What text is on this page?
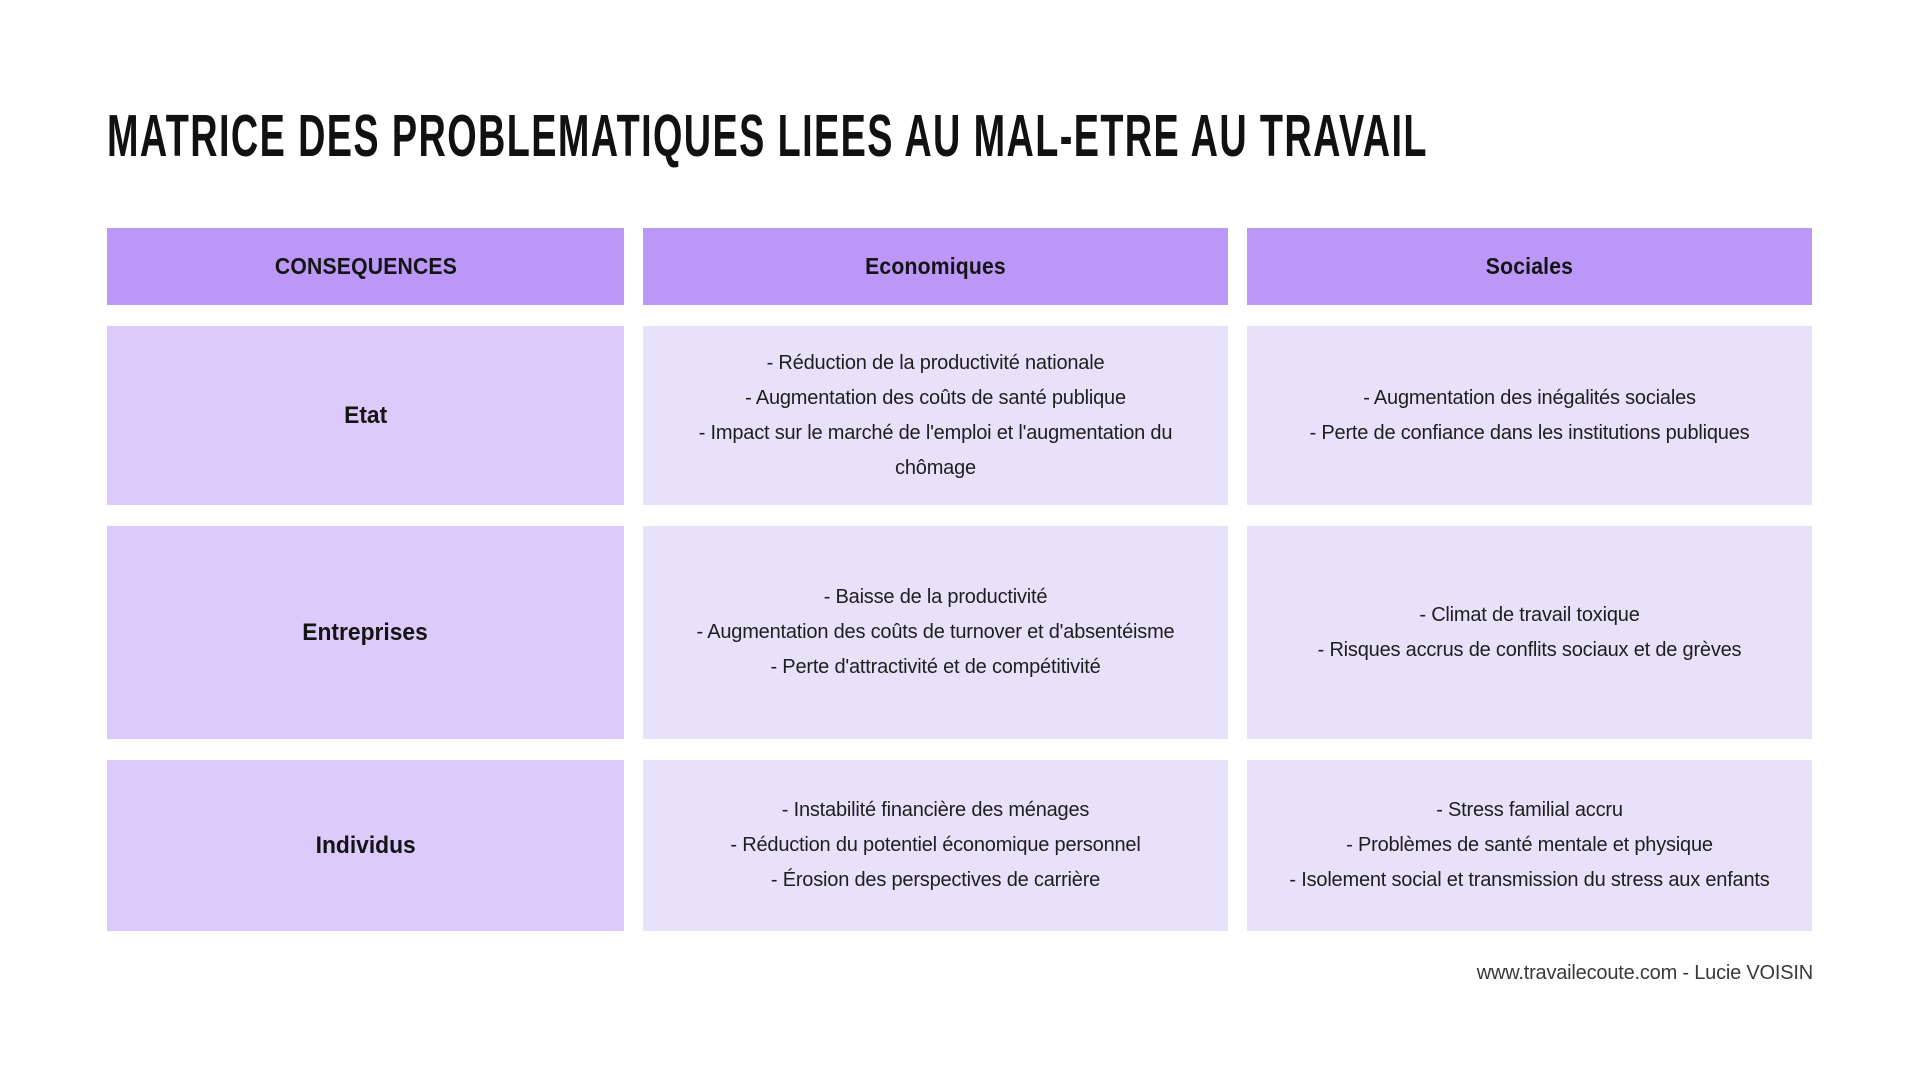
MATRICE DES PROBLEMATIQUES LIEES AU MAL-ETRE AU TRAVAIL
CONSEQUENCES	Economiques	Sociales
Etat
- Réduction de la productivité nationale
- Augmentation des coûts de santé publique
- Impact sur le marché de l'emploi et l'augmentation du chômage
- Augmentation des inégalités sociales
- Perte de confiance dans les institutions publiques
Entreprises
- Baisse de la productivité
- Augmentation des coûts de turnover et d'absentéisme
- Perte d'attractivité et de compétitivité
- Climat de travail toxique
- Risques accrus de conflits sociaux et de grèves
Individus
- Instabilité financière des ménages
- Réduction du potentiel économique personnel
- Érosion des perspectives de carrière
- Stress familial accru
- Problèmes de santé mentale et physique
- Isolement social et transmission du stress aux enfants
www.travailecoute.com - Lucie VOISIN
